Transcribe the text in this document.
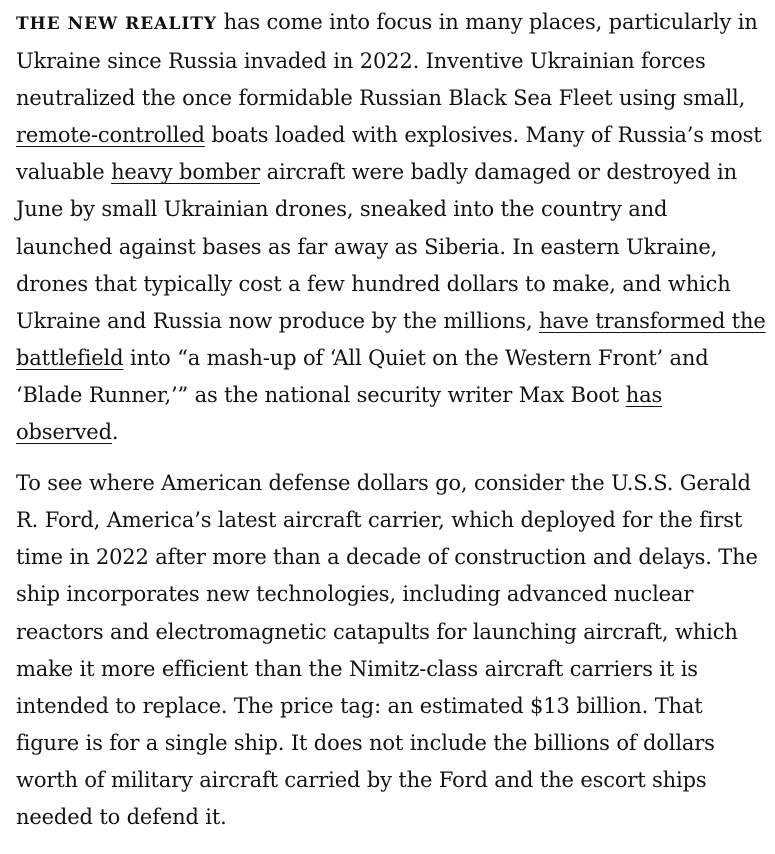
THE NEW REALITY has come into focus in many places, particularly in Ukraine since Russia invaded in 2022. Inventive Ukrainian forces neutralized the once formidable Russian Black Sea Fleet using small, remote-controlled boats loaded with explosives. Many of Russia’s most valuable heavy bomber aircraft were badly damaged or destroyed in June by small Ukrainian drones, sneaked into the country and launched against bases as far away as Siberia. In eastern Ukraine, drones that typically cost a few hundred dollars to make, and which Ukraine and Russia now produce by the millions, have transformed the battlefield into “a mash-up of ‘All Quiet on the Western Front’ and ‘Blade Runner,’” as the national security writer Max Boot has observed.

To see where American defense dollars go, consider the U.S.S. Gerald R. Ford, America’s latest aircraft carrier, which deployed for the first time in 2022 after more than a decade of construction and delays. The ship incorporates new technologies, including advanced nuclear reactors and electromagnetic catapults for launching aircraft, which make it more efficient than the Nimitz-class aircraft carriers it is intended to replace. The price tag: an estimated $13 billion. That figure is for a single ship. It does not include the billions of dollars worth of military aircraft carried by the Ford and the escort ships needed to defend it.
